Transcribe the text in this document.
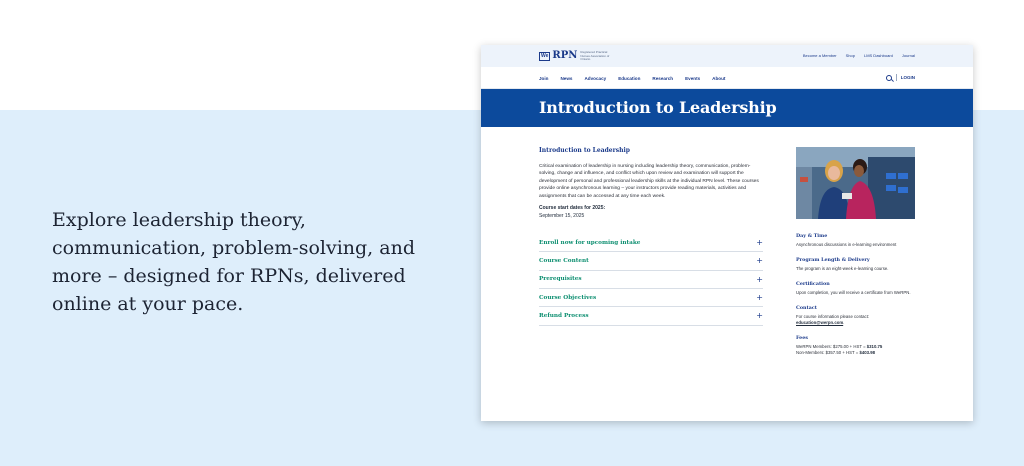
Explore leadership theory, communication, problem-solving, and more – designed for RPNs, delivered online at your pace.

We RPN Registered Practical Nurses Association of Ontario
Become a Member Shop LMS Dashboard Journal
Join	News	Advocacy	Education	Research	Events	About	LOGIN
Introduction to Leadership
Introduction to Leadership

Critical examination of leadership in nursing including leadership theory, communication, problem-solving, change and influence, and conflict which upon review and examination will support the development of personal and professional leadership skills at the individual RPN level. These courses provide online asynchronous learning – your instructors provide reading materials, activities and assignments that can be accessed at any time each week.

Course start dates for 2025:
September 15, 2025
Enroll now for upcoming intake	+
Course Content	+
Prerequisites	+
Course Objectives	+
Refund Process	+
Day & Time
Asynchronous discussions in e-learning environment
Program Length & Delivery
The program is an eight-week e-learning course.
Certification
Upon completion, you will receive a certificate from WeRPN.
Contact
For course information please contact:
education@werpn.com.
Fees
WeRPN Members: $275.00 + HST = $310.75
Non-Members: $357.50 + HST = $403.98
